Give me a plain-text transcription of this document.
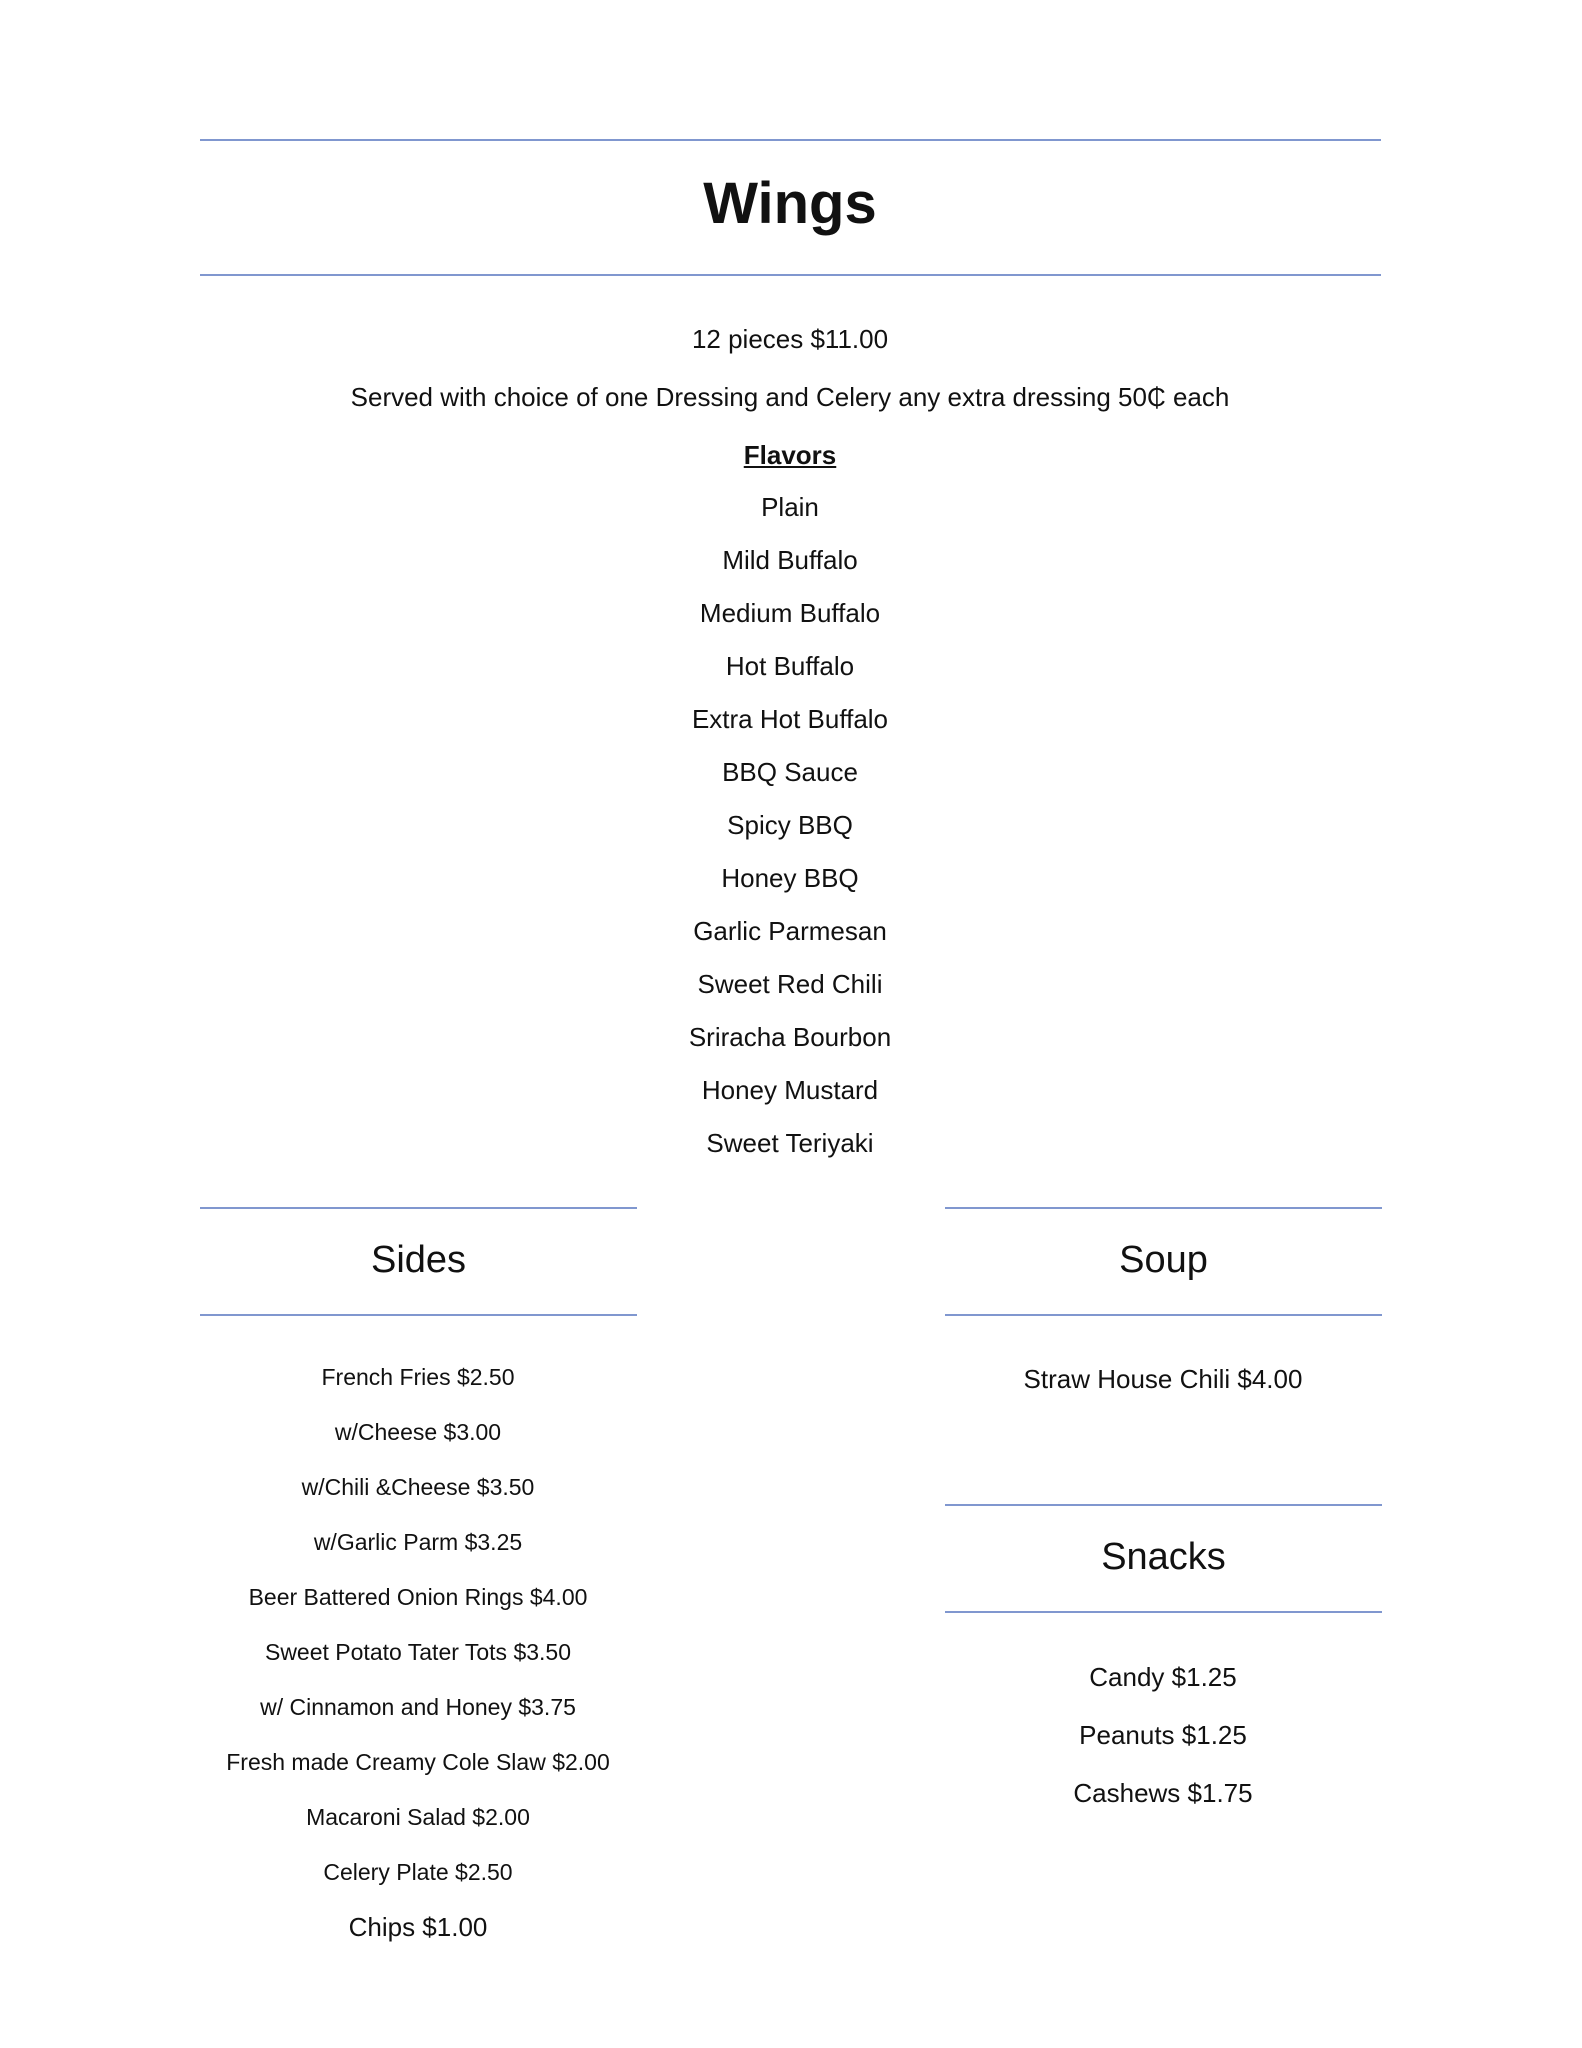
Wings
12 pieces $11.00
Served with choice of one Dressing and Celery any extra dressing 50₵ each
Flavors
Plain
Mild Buffalo
Medium Buffalo
Hot Buffalo
Extra Hot Buffalo
BBQ Sauce
Spicy BBQ
Honey BBQ
Garlic Parmesan
Sweet Red Chili
Sriracha Bourbon
Honey Mustard
Sweet Teriyaki
Sides
French Fries $2.50
w/Cheese $3.00
w/Chili &Cheese $3.50
w/Garlic Parm $3.25
Beer Battered Onion Rings $4.00
Sweet Potato Tater Tots $3.50
w/ Cinnamon and Honey $3.75
Fresh made Creamy Cole Slaw $2.00
Macaroni Salad $2.00
Celery Plate $2.50
Chips $1.00
Soup
Straw House Chili $4.00
Snacks
Candy $1.25
Peanuts $1.25
Cashews $1.75
